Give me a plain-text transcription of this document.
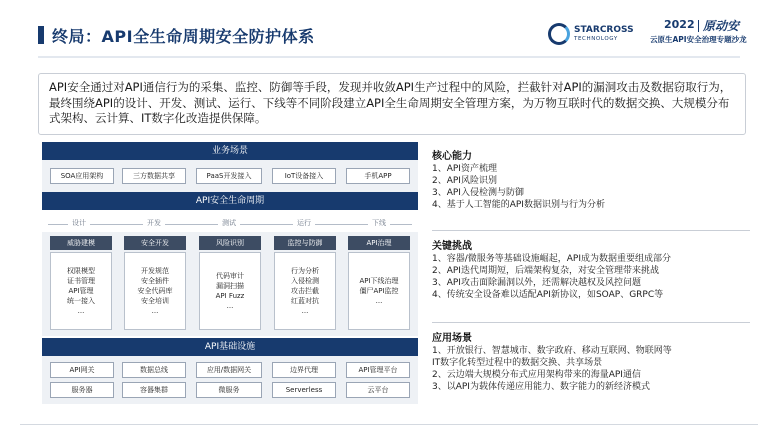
终局：API全生命周期安全防护体系	STARCROSS
TECHNOLOGY
2022 原动安
云原生API安全治理专题沙龙

API安全通过对API通信行为的采集、监控、防御等手段，发现并收敛API生产过程中的风险，拦截针对API的漏洞攻击及数据窃取行为，最终围绕API的设计、开发、测试、运行、下线等不同阶段建立API全生命周期安全管理方案，为万物互联时代的数据交换、大规模分布式架构、云计算、IT数字化改造提供保障。

业务场景
SOA应用架构	三方数据共享	PaaS开发接入	IoT设备接入	手机APP
API安全生命周期
设计	开发	测试	运行	下线
威胁建模
权限模型
证书管理
API管理
统一接入
...
安全开发
开发规范
安全插件
安全代码库
安全培训
...
风险识别
代码审计
漏洞扫描
API Fuzz
...
监控与防御
行为分析
入侵检测
攻击拦截
红蓝对抗
...
API治理
API下线治理
僵尸API监控
...
API基础设施
API网关	数据总线	应用/数据网关	边界代理	API管理平台
服务器	容器集群	微服务	Serverless	云平台
核心能力
1、API资产梳理
2、API风险识别
3、API入侵检测与防御
4、基于人工智能的API数据识别与行为分析
关键挑战
1、容器/微服务等基础设施崛起，API成为数据重要组成部分
2、API迭代周期短，后端架构复杂，对安全管理带来挑战
3、API攻击面除漏洞以外，还需解决越权及风控问题
4、传统安全设备难以适配API新协议，如SOAP、GRPC等
应用场景
1、开放银行、智慧城市、数字政府、移动互联网、物联网等
IT数字化转型过程中的数据交换、共享场景
2、云边端大规模分布式应用架构带来的海量API通信
3、以API为载体传递应用能力、数字能力的新经济模式
